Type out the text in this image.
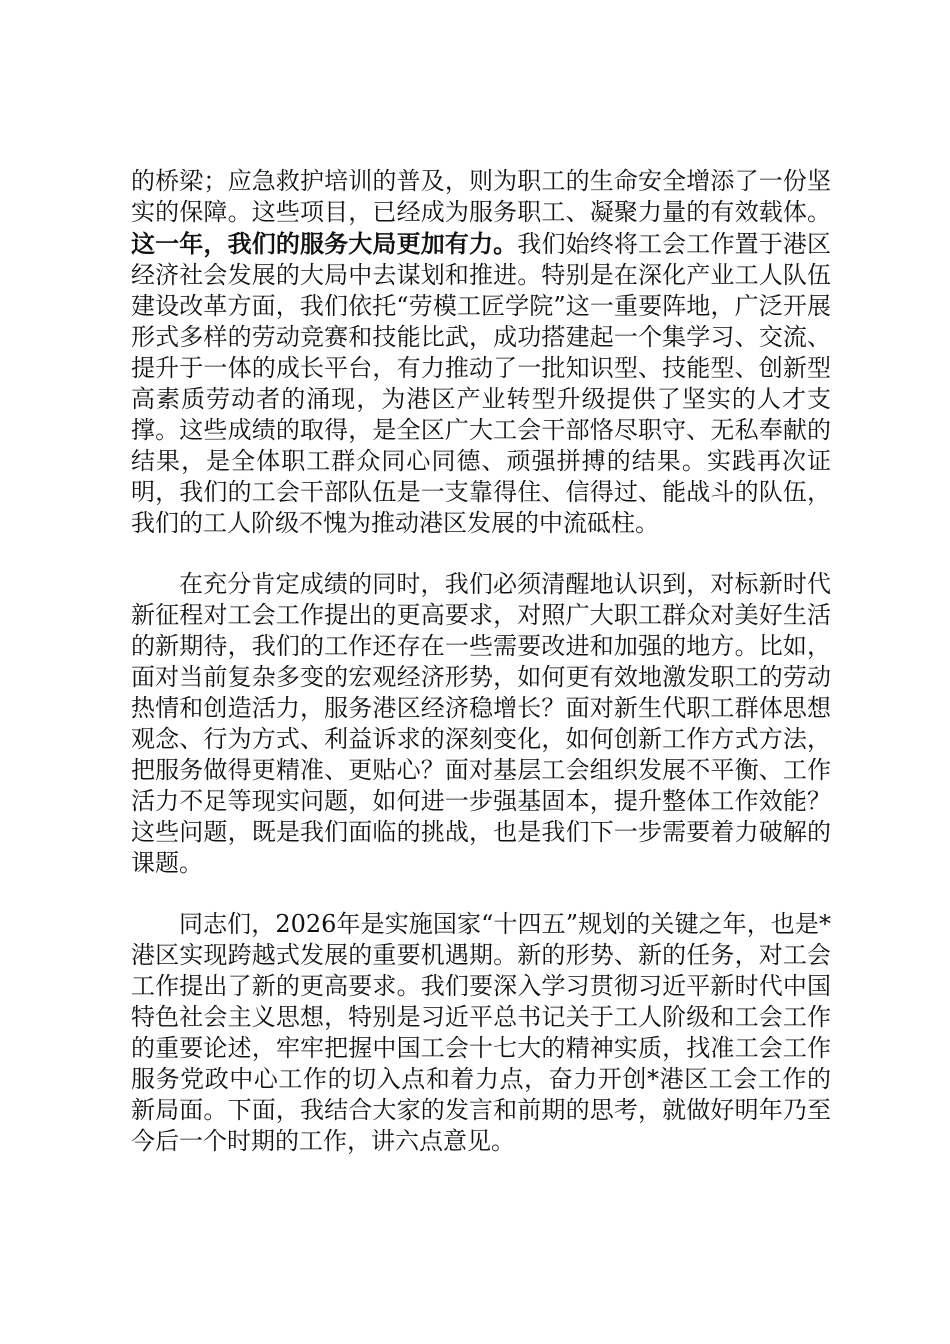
的桥梁；应急救护培训的普及，则为职工的生命安全增添了一份坚实的保障。这些项目，已经成为服务职工、凝聚力量的有效载体。这一年，我们的服务大局更加有力。我们始终将工会工作置于港区经济社会发展的大局中去谋划和推进。特别是在深化产业工人队伍建设改革方面，我们依托“劳模工匠学院”这一重要阵地，广泛开展形式多样的劳动竞赛和技能比武，成功搭建起一个集学习、交流、提升于一体的成长平台，有力推动了一批知识型、技能型、创新型高素质劳动者的涌现，为港区产业转型升级提供了坚实的人才支撑。这些成绩的取得，是全区广大工会干部恪尽职守、无私奉献的结果，是全体职工群众同心同德、顽强拼搏的结果。实践再次证明，我们的工会干部队伍是一支靠得住、信得过、能战斗的队伍，我们的工人阶级不愧为推动港区发展的中流砥柱。

在充分肯定成绩的同时，我们必须清醒地认识到，对标新时代新征程对工会工作提出的更高要求，对照广大职工群众对美好生活的新期待，我们的工作还存在一些需要改进和加强的地方。比如，面对当前复杂多变的宏观经济形势，如何更有效地激发职工的劳动热情和创造活力，服务港区经济稳增长？面对新生代职工群体思想观念、行为方式、利益诉求的深刻变化，如何创新工作方式方法，把服务做得更精准、更贴心？面对基层工会组织发展不平衡、工作活力不足等现实问题，如何进一步强基固本，提升整体工作效能？这些问题，既是我们面临的挑战，也是我们下一步需要着力破解的课题。

同志们，2026年是实施国家“十四五”规划的关键之年，也是*港区实现跨越式发展的重要机遇期。新的形势、新的任务，对工会工作提出了新的更高要求。我们要深入学习贯彻习近平新时代中国特色社会主义思想，特别是习近平总书记关于工人阶级和工会工作的重要论述，牢牢把握中国工会十七大的精神实质，找准工会工作服务党政中心工作的切入点和着力点，奋力开创*港区工会工作的新局面。下面，我结合大家的发言和前期的思考，就做好明年乃至今后一个时期的工作，讲六点意见。
